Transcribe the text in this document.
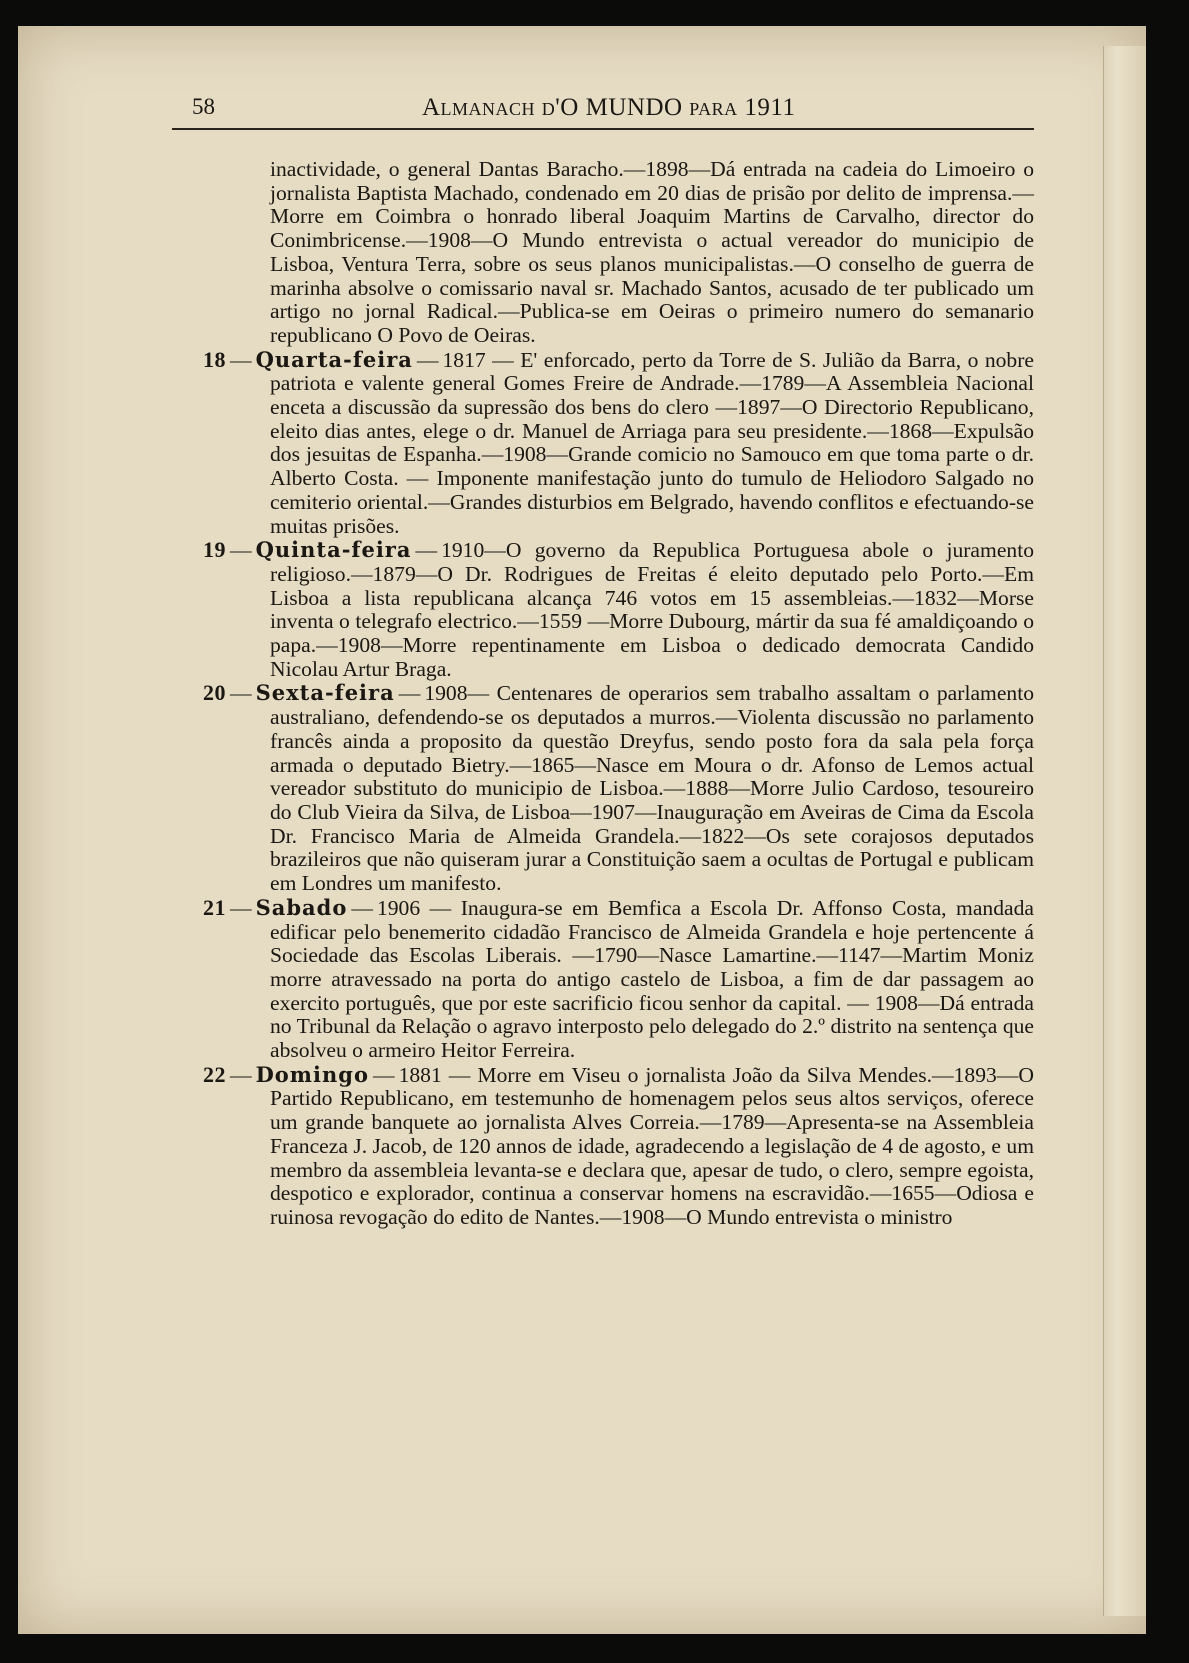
58	Almanach d'O MUNDO para 1911

inactividade, o general Dantas Baracho.—1898—Dá entrada na cadeia do Limoeiro o jornalista Baptista Machado, condenado em 20 dias de prisão por delito de imprensa.—Morre em Coimbra o honrado liberal Joaquim Martins de Carvalho, director do Conimbricense.—1908—O Mundo entrevista o actual vereador do municipio de Lisboa, Ventura Terra, sobre os seus planos municipalistas.—O conselho de guerra de marinha absolve o comissario naval sr. Machado Santos, acusado de ter publicado um artigo no jornal Radical.—Publica-se em Oeiras o primeiro numero do semanario republicano O Povo de Oeiras.

18 — Quarta-feira — 1817 — E' enforcado, perto da Torre de S. Julião da Barra, o nobre patriota e valente general Gomes Freire de Andrade.—1789—A Assembleia Nacional enceta a discussão da supressão dos bens do clero —1897—O Directorio Republicano, eleito dias antes, elege o dr. Manuel de Arriaga para seu presidente.—1868—Expulsão dos jesuitas de Espanha.—1908—Grande comicio no Samouco em que toma parte o dr. Alberto Costa. — Imponente manifestação junto do tumulo de Heliodoro Salgado no cemiterio oriental.—Grandes disturbios em Belgrado, havendo conflitos e efectuando-se muitas prisões.

19 — Quinta-feira — 1910—O governo da Republica Portuguesa abole o juramento religioso.—1879—O Dr. Rodrigues de Freitas é eleito deputado pelo Porto.—Em Lisboa a lista republicana alcança 746 votos em 15 assembleias.—1832—Morse inventa o telegrafo electrico.—1559 —Morre Dubourg, mártir da sua fé amaldiçoando o papa.—1908—Morre repentinamente em Lisboa o dedicado democrata Candido Nicolau Artur Braga.

20 — Sexta-feira — 1908— Centenares de operarios sem trabalho assaltam o parlamento australiano, defendendo-se os deputados a murros.—Violenta discussão no parlamento francês ainda a proposito da questão Dreyfus, sendo posto fora da sala pela força armada o deputado Bietry.—1865—Nasce em Moura o dr. Afonso de Lemos actual vereador substituto do municipio de Lisboa.—1888—Morre Julio Cardoso, tesoureiro do Club Vieira da Silva, de Lisboa—1907—Inauguração em Aveiras de Cima da Escola Dr. Francisco Maria de Almeida Grandela.—1822—Os sete corajosos deputados brazileiros que não quiseram jurar a Constituição saem a ocultas de Portugal e publicam em Londres um manifesto.

21 — Sabado — 1906 — Inaugura-se em Bemfica a Escola Dr. Affonso Costa, mandada edificar pelo benemerito cidadão Francisco de Almeida Grandela e hoje pertencente á Sociedade das Escolas Liberais. —1790—Nasce Lamartine.—1147—Martim Moniz morre atravessado na porta do antigo castelo de Lisboa, a fim de dar passagem ao exercito português, que por este sacrificio ficou senhor da capital. — 1908—Dá entrada no Tribunal da Relação o agravo interposto pelo delegado do 2.º distrito na sentença que absolveu o armeiro Heitor Ferreira.

22 — Domingo — 1881 — Morre em Viseu o jornalista João da Silva Mendes.—1893—O Partido Republicano, em testemunho de homenagem pelos seus altos serviços, oferece um grande banquete ao jornalista Alves Correia.—1789—Apresenta-se na Assembleia Franceza J. Jacob, de 120 annos de idade, agradecendo a legislação de 4 de agosto, e um membro da assembleia levanta-se e declara que, apesar de tudo, o clero, sempre egoista, despotico e explorador, continua a conservar homens na escravidão.—1655—Odiosa e ruinosa revogação do edito de Nantes.—1908—O Mundo entrevista o ministro
